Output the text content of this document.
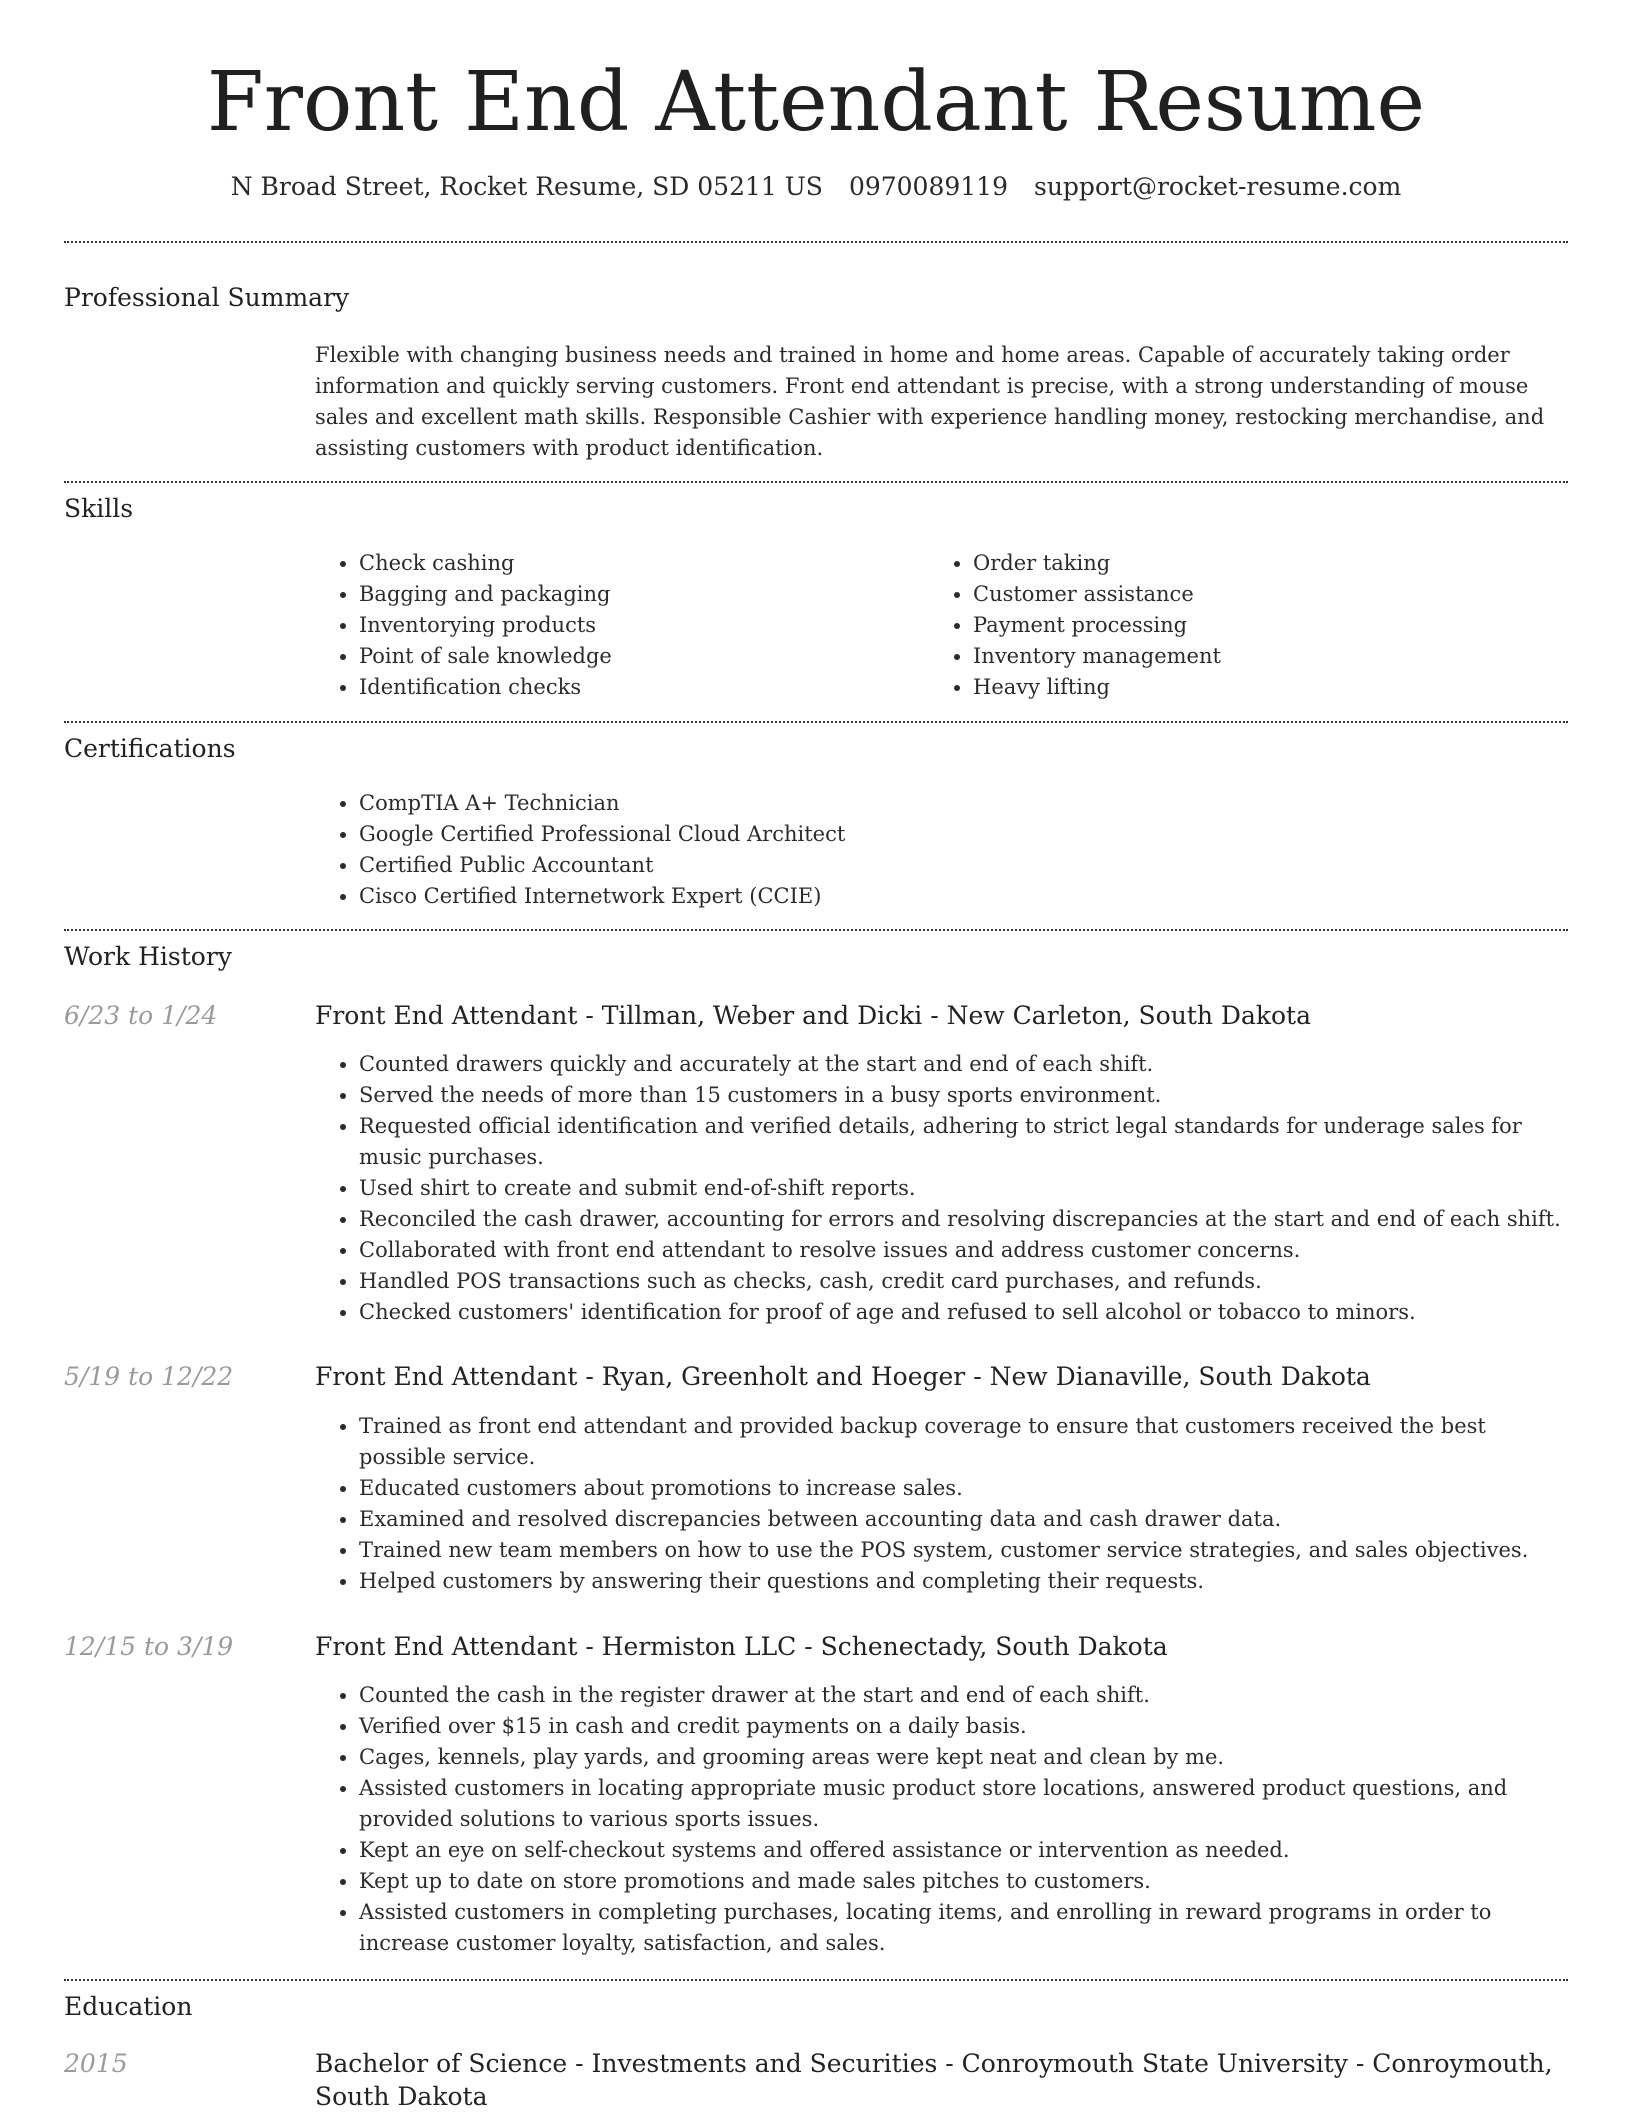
Front End Attendant Resume
N Broad Street, Rocket Resume, SD 05211 US 0970089119 support@rocket-resume.com
Professional Summary
Flexible with changing business needs and trained in home and home areas. Capable of accurately taking order information and quickly serving customers. Front end attendant is precise, with a strong understanding of mouse sales and excellent math skills. Responsible Cashier with experience handling money, restocking merchandise, and assisting customers with product identification.
Skills
• Check cashing
• Bagging and packaging
• Inventorying products
• Point of sale knowledge
• Identification checks
• Order taking
• Customer assistance
• Payment processing
• Inventory management
• Heavy lifting
Certifications
• CompTIA A+ Technician
• Google Certified Professional Cloud Architect
• Certified Public Accountant
• Cisco Certified Internetwork Expert (CCIE)
Work History
6/23 to 1/24	Front End Attendant - Tillman, Weber and Dicki - New Carleton, South Dakota
• Counted drawers quickly and accurately at the start and end of each shift.
• Served the needs of more than 15 customers in a busy sports environment.
• Requested official identification and verified details, adhering to strict legal standards for underage sales for music purchases.
• Used shirt to create and submit end-of-shift reports.
• Reconciled the cash drawer, accounting for errors and resolving discrepancies at the start and end of each shift.
• Collaborated with front end attendant to resolve issues and address customer concerns.
• Handled POS transactions such as checks, cash, credit card purchases, and refunds.
• Checked customers' identification for proof of age and refused to sell alcohol or tobacco to minors.
5/19 to 12/22	Front End Attendant - Ryan, Greenholt and Hoeger - New Dianaville, South Dakota
• Trained as front end attendant and provided backup coverage to ensure that customers received the best possible service.
• Educated customers about promotions to increase sales.
• Examined and resolved discrepancies between accounting data and cash drawer data.
• Trained new team members on how to use the POS system, customer service strategies, and sales objectives.
• Helped customers by answering their questions and completing their requests.
12/15 to 3/19	Front End Attendant - Hermiston LLC - Schenectady, South Dakota
• Counted the cash in the register drawer at the start and end of each shift.
• Verified over $15 in cash and credit payments on a daily basis.
• Cages, kennels, play yards, and grooming areas were kept neat and clean by me.
• Assisted customers in locating appropriate music product store locations, answered product questions, and provided solutions to various sports issues.
• Kept an eye on self-checkout systems and offered assistance or intervention as needed.
• Kept up to date on store promotions and made sales pitches to customers.
• Assisted customers in completing purchases, locating items, and enrolling in reward programs in order to increase customer loyalty, satisfaction, and sales.
Education
2015	Bachelor of Science - Investments and Securities - Conroymouth State University - Conroymouth, South Dakota
